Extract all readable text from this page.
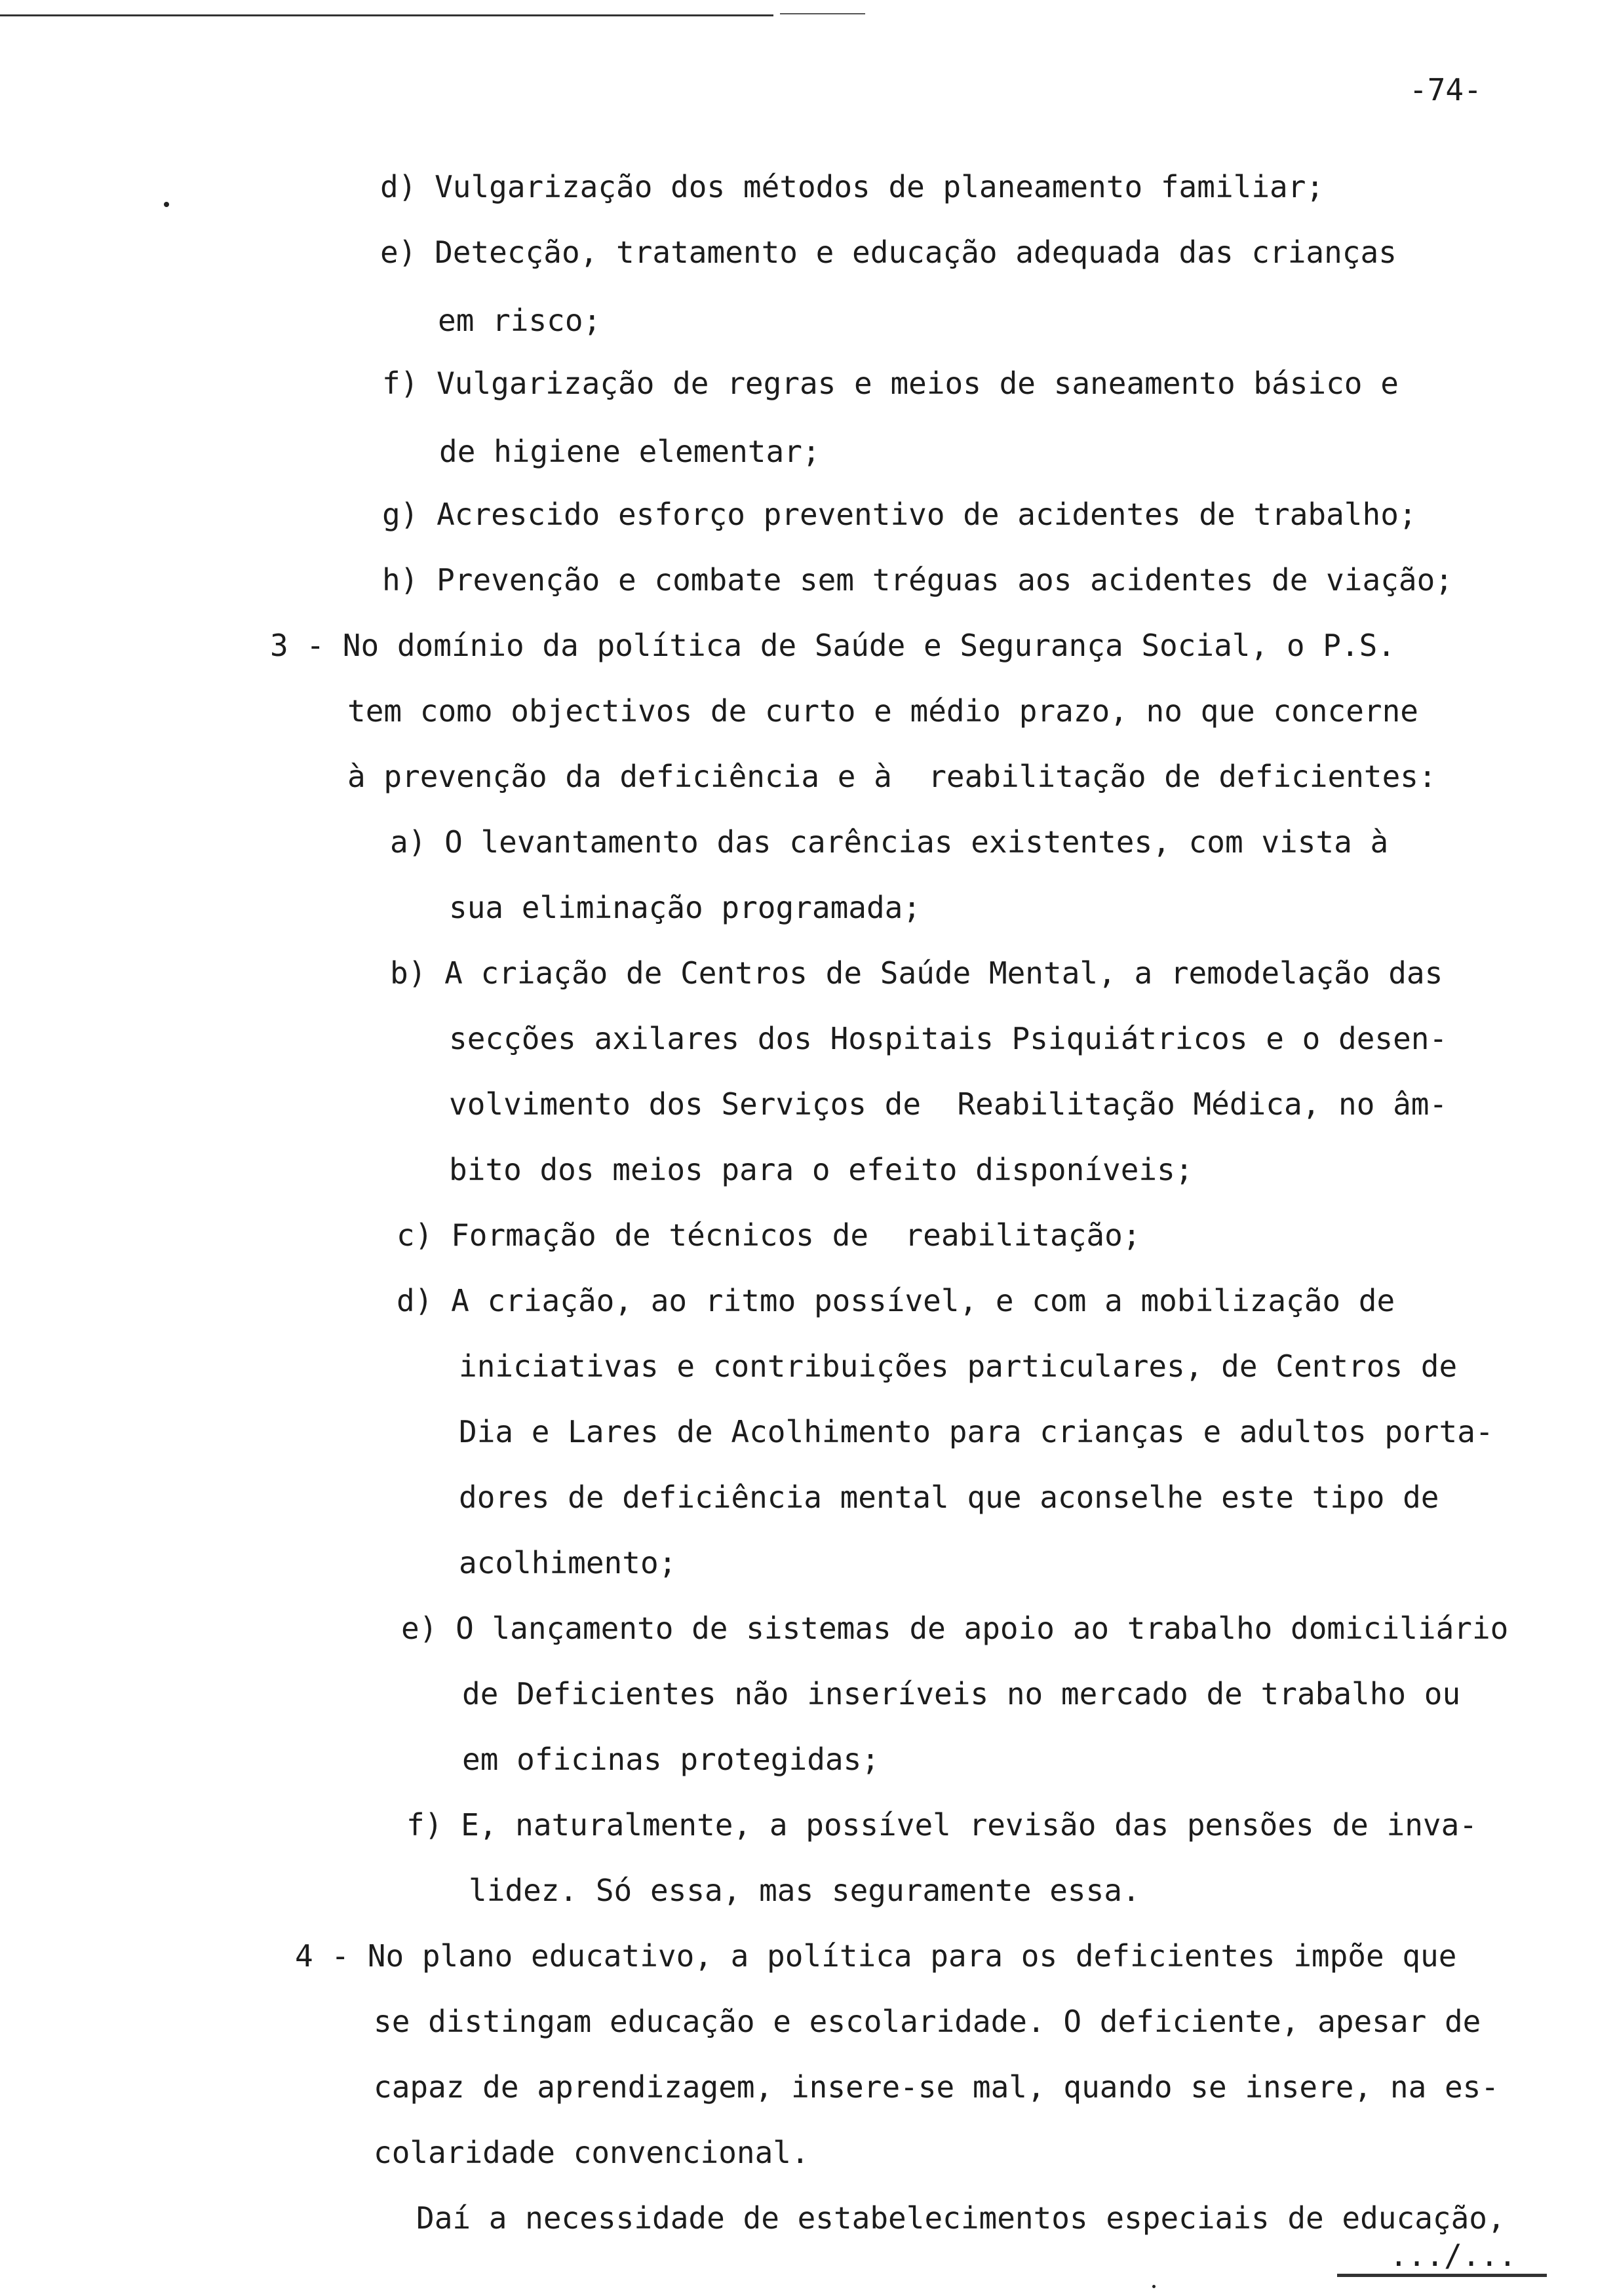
-74-
d) Vulgarização dos métodos de planeamento familiar;
e) Detecção, tratamento e educação adequada das crianças
em risco;
f) Vulgarização de regras e meios de saneamento básico e
de higiene elementar;
g) Acrescido esforço preventivo de acidentes de trabalho;
h) Prevenção e combate sem tréguas aos acidentes de viação;
3 - No domínio da política de Saúde e Segurança Social, o P.S.
tem como objectivos de curto e médio prazo, no que concerne
à prevenção da deficiência e à  reabilitação de deficientes:
a) O levantamento das carências existentes, com vista à
sua eliminação programada;
b) A criação de Centros de Saúde Mental, a remodelação das
secções axilares dos Hospitais Psiquiátricos e o desen-
volvimento dos Serviços de  Reabilitação Médica, no âm-
bito dos meios para o efeito disponíveis;
c) Formação de técnicos de  reabilitação;
d) A criação, ao ritmo possível, e com a mobilização de
iniciativas e contribuições particulares, de Centros de
Dia e Lares de Acolhimento para crianças e adultos porta-
dores de deficiência mental que aconselhe este tipo de
acolhimento;
e) O lançamento de sistemas de apoio ao trabalho domiciliário
de Deficientes não inseríveis no mercado de trabalho ou
em oficinas protegidas;
f) E, naturalmente, a possível revisão das pensões de inva-
lidez. Só essa, mas seguramente essa.
4 - No plano educativo, a política para os deficientes impõe que
se distingam educação e escolaridade. O deficiente, apesar de
capaz de aprendizagem, insere-se mal, quando se insere, na es-
colaridade convencional.
Daí a necessidade de estabelecimentos especiais de educação,
.../...
